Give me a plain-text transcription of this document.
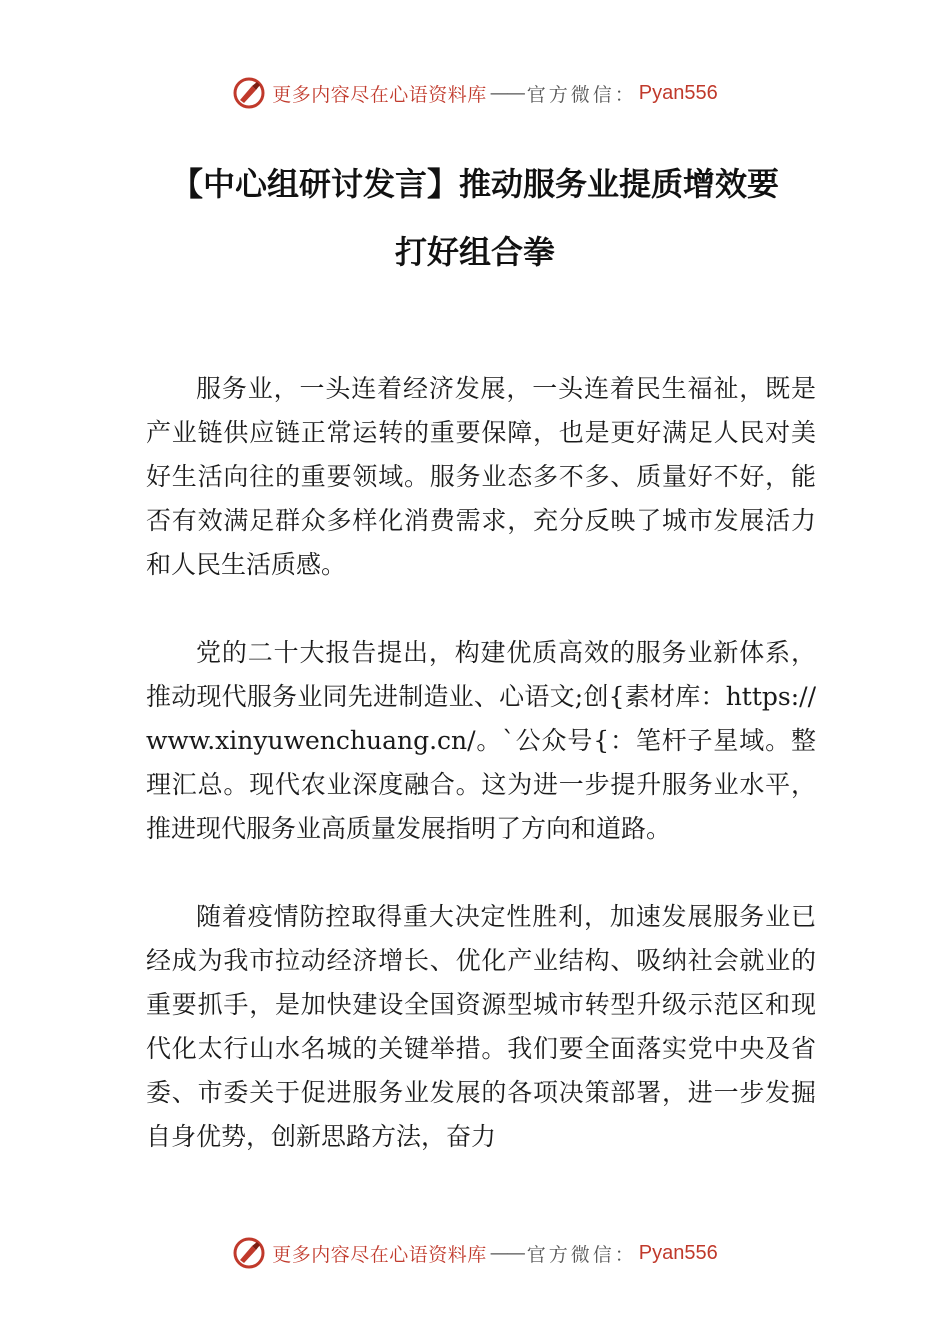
更多内容尽在心语资料库 —— 官方微信： Pyan556
【中心组研讨发言】推动服务业提质增效要
打好组合拳

服务业，一头连着经济发展，一头连着民生福祉，既是产业链供应链正常运转的重要保障，也是更好满足人民对美好生活向往的重要领域。服务业态多不多、质量好不好，能否有效满足群众多样化消费需求，充分反映了城市发展活力和人民生活质感。

党的二十大报告提出，构建优质高效的服务业新体系，推动现代服务业同先进制造业、心语文;创{素材库：https://www.xinyuwenchuang.cn/。`公众号{：笔杆子星域。整理汇总。现代农业深度融合。这为进一步提升服务业水平，推进现代服务业高质量发展指明了方向和道路。

随着疫情防控取得重大决定性胜利，加速发展服务业已经成为我市拉动经济增长、优化产业结构、吸纳社会就业的重要抓手，是加快建设全国资源型城市转型升级示范区和现代化太行山水名城的关键举措。我们要全面落实党中央及省委、市委关于促进服务业发展的各项决策部署，进一步发掘自身优势，创新思路方法，奋力

更多内容尽在心语资料库 —— 官方微信： Pyan556
